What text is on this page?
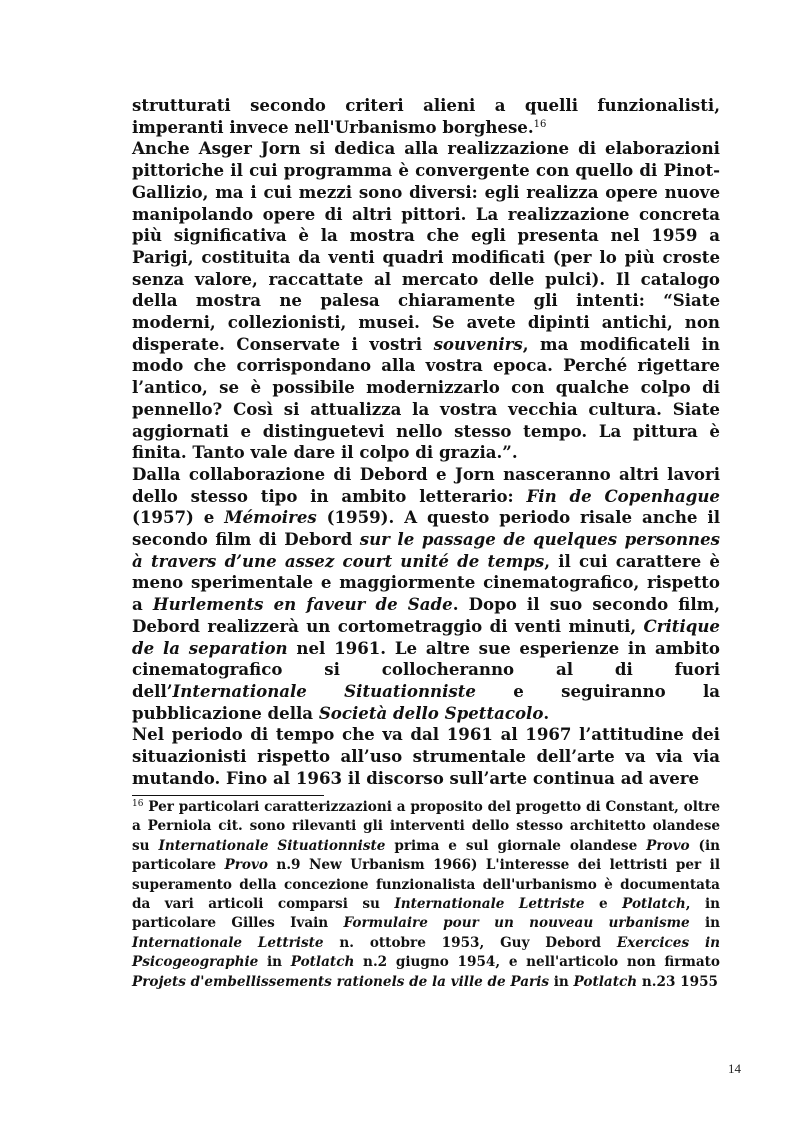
strutturati secondo criteri alieni a quelli funzionalisti, imperanti invece nell'Urbanismo borghese.$^{16}$

Anche Asger Jorn si dedica alla realizzazione di elaborazioni pittoriche il cui programma è convergente con quello di Pinot-Gallizio, ma i cui mezzi sono diversi: egli realizza opere nuove manipolando opere di altri pittori. La realizzazione concreta più significativa è la mostra che egli presenta nel 1959 a Parigi, costituita da venti quadri modificati (per lo più croste senza valore, raccattate al mercato delle pulci). Il catalogo della mostra ne palesa chiaramente gli intenti: “Siate moderni, collezionisti, musei. Se avete dipinti antichi, non disperate. Conservate i vostri souvenirs, ma modificateli in modo che corrispondano alla vostra epoca. Perché rigettare l’antico, se è possibile modernizzarlo con qualche colpo di pennello? Così si attualizza la vostra vecchia cultura. Siate aggiornati e distinguetevi nello stesso tempo. La pittura è finita. Tanto vale dare il colpo di grazia.”.

Dalla collaborazione di Debord e Jorn nasceranno altri lavori dello stesso tipo in ambito letterario: Fin de Copenhague (1957) e Mémoires (1959). A questo periodo risale anche il secondo film di Debord sur le passage de quelques personnes à travers d’une assez court unité de temps, il cui carattere è meno sperimentale e maggiormente cinematografico, rispetto a Hurlements en faveur de Sade. Dopo il suo secondo film, Debord realizzerà un cortometraggio di venti minuti, Critique de la separation nel 1961. Le altre sue esperienze in ambito cinematografico si collocheranno al di fuori dell’Internationale Situationniste e seguiranno la pubblicazione della Società dello Spettacolo.

Nel periodo di tempo che va dal 1961 al 1967 l’attitudine dei situazionisti rispetto all’uso strumentale dell’arte va via via mutando. Fino al 1963 il discorso sull’arte continua ad avere

$^{16}$ Per particolari caratterizzazioni a proposito del progetto di Constant, oltre a Perniola cit. sono rilevanti gli interventi dello stesso architetto olandese su Internationale Situationniste prima e sul giornale olandese Provo (in particolare Provo n.9 New Urbanism 1966) L'interesse dei lettristi per il superamento della concezione funzionalista dell'urbanismo è documentata da vari articoli comparsi su Internationale Lettriste e Potlatch, in particolare Gilles Ivain Formulaire pour un nouveau urbanisme in Internationale Lettriste n. ottobre 1953, Guy Debord Exercices in Psicogeographie in Potlatch n.2 giugno 1954, e nell'articolo non firmato Projets d'embellissements rationels de la ville de Paris in Potlatch n.23 1955
14
